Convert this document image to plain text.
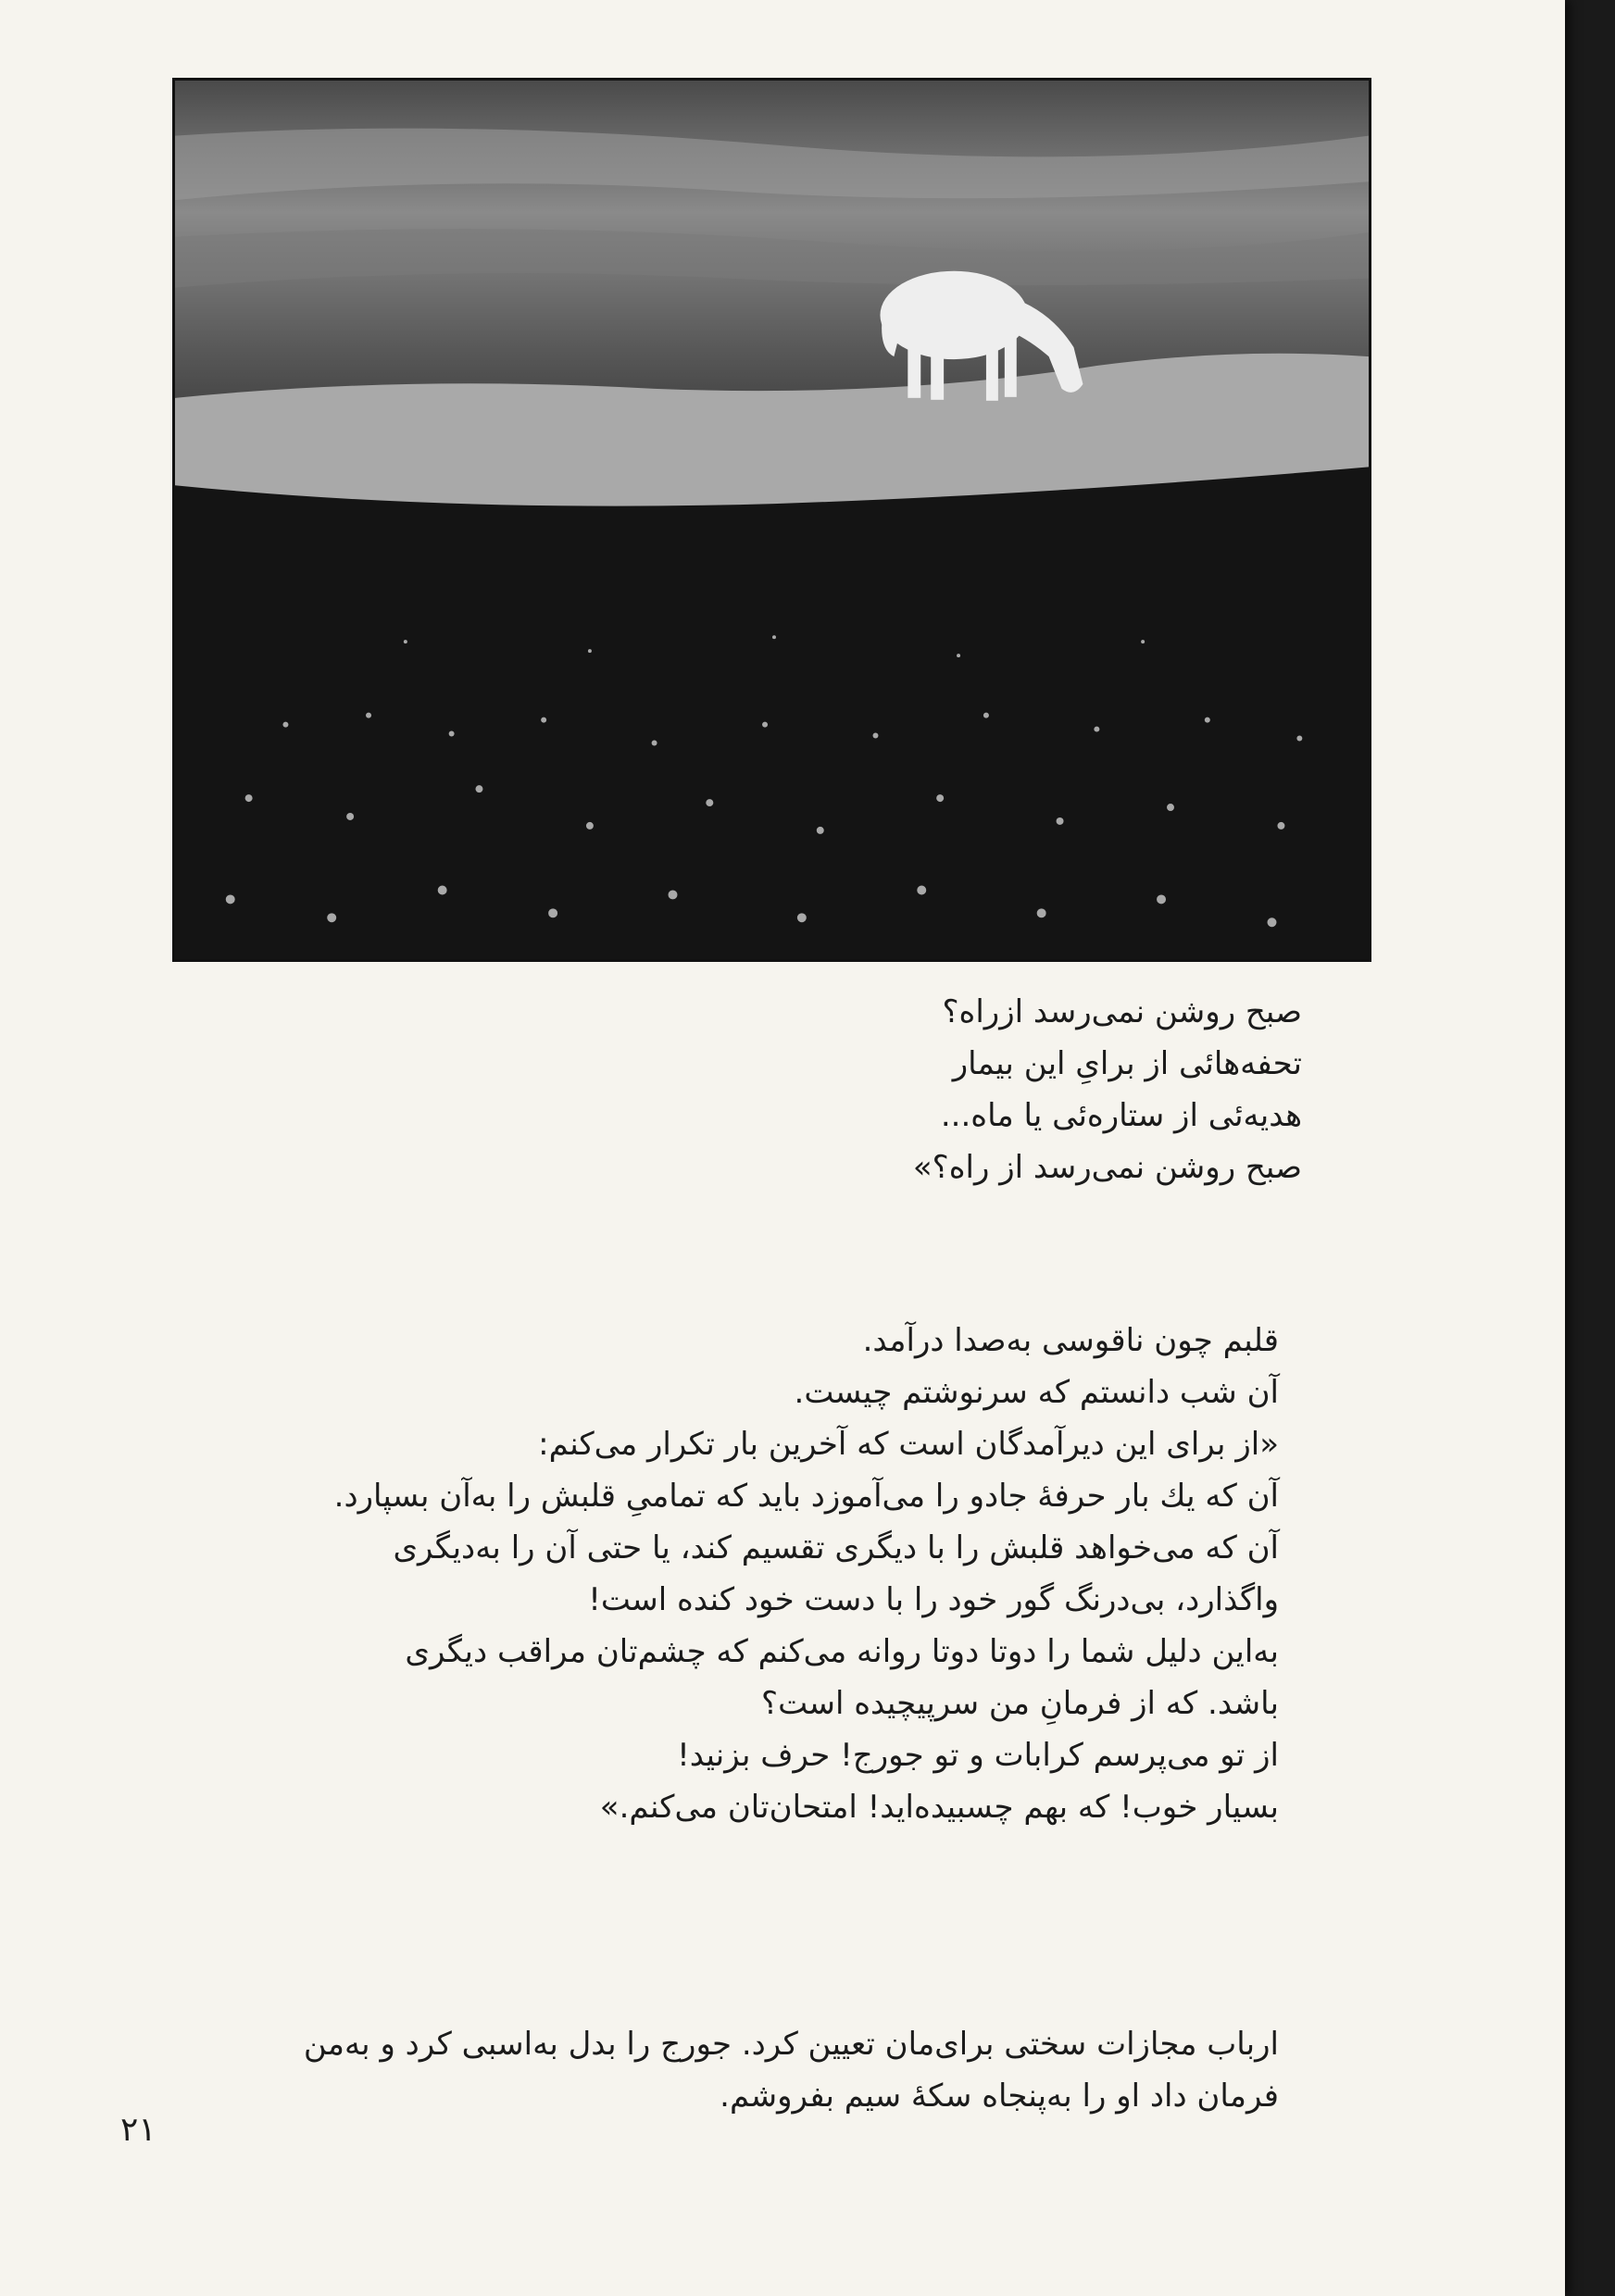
صبح روشن نمی‌رسد ازراه؟
تحفه‌هائی از برایِ این بیمار
هدیه‌ئی از ستاره‌ئی یا ماه...
صبح روشن نمی‌رسد از راه؟»
قلبم چون ناقوسی به‌صدا درآمد.
آن شب دانستم که سرنوشتم چیست.
«از برای این دیرآمدگان است که آخرین بار تکرار می‌کنم:
آن که یك بار حرفهٔ جادو را می‌آموزد باید که تمامیِ قلبش را به‌آن بسپارد.
آن که می‌خواهد قلبش را با دیگری تقسیم کند، یا حتی آن را به‌دیگری
واگذارد، بی‌درنگ گور خود را با دست خود کنده است!
به‌این دلیل شما را دوتا دوتا روانه می‌کنم که چشم‌تان مراقب دیگری
باشد. که از فرمانِ من سرپیچیده است؟
از تو می‌پرسم کرابات و تو جورج! حرف بزنید!
بسیار خوب! که بهم چسبیده‌اید! امتحان‌تان می‌کنم.»
ارباب مجازات سختی برای‌مان تعیین کرد. جورج را بدل به‌اسبی کرد و به‌من
فرمان داد او را به‌پنجاه سکهٔ سیم بفروشم.
۲۱
